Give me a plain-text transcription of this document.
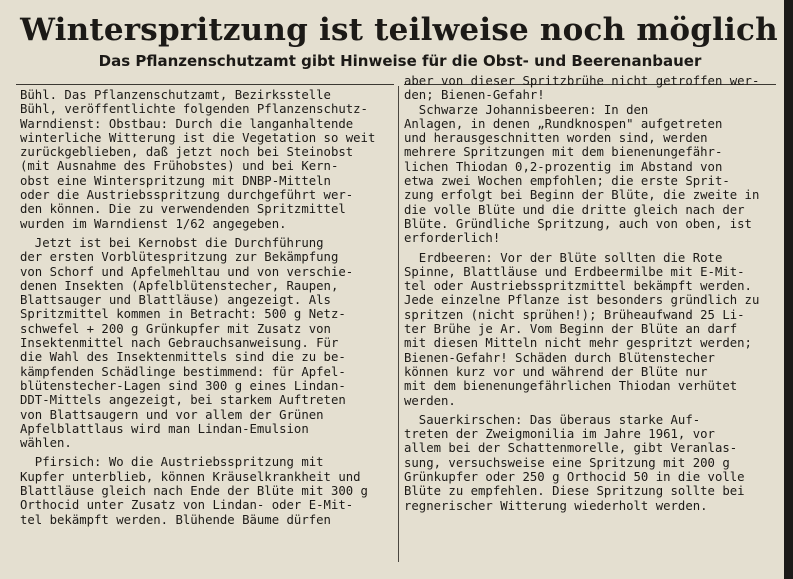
Winterspritzung ist teilweise noch möglich
Das Pflanzenschutzamt gibt Hinweise für die Obst- und Beerenanbauer
Bühl. Das Pflanzenschutzamt, Bezirksstelle
Bühl, veröffentlichte folgenden Pflanzenschutz-
Warndienst: Obstbau: Durch die langanhaltende
winterliche Witterung ist die Vegetation so weit
zurückgeblieben, daß jetzt noch bei Steinobst
(mit Ausnahme des Frühobstes) und bei Kern-
obst eine Winterspritzung mit DNBP-Mitteln
oder die Austriebsspritzung durchgeführt wer-
den können. Die zu verwendenden Spritzmittel
wurden im Warndienst 1/62 angegeben.
Jetzt ist bei Kernobst die Durchführung
der ersten Vorblütespritzung zur Bekämpfung
von Schorf und Apfelmehltau und von verschie-
denen Insekten (Apfelblütenstecher, Raupen,
Blattsauger und Blattläuse) angezeigt. Als
Spritzmittel kommen in Betracht: 500 g Netz-
schwefel + 200 g Grünkupfer mit Zusatz von
Insektenmittel nach Gebrauchsanweisung. Für
die Wahl des Insektenmittels sind die zu be-
kämpfenden Schädlinge bestimmend: für Apfel-
blütenstecher-Lagen sind 300 g eines Lindan-
DDT-Mittels angezeigt, bei starkem Auftreten
von Blattsaugern und vor allem der Grünen
Apfelblattlaus wird man Lindan-Emulsion
wählen.
Pfirsich: Wo die Austriebsspritzung mit
Kupfer unterblieb, können Kräuselkrankheit und
Blattläuse gleich nach Ende der Blüte mit 300 g
Orthocid unter Zusatz von Lindan- oder E-Mit-
tel bekämpft werden. Blühende Bäume dürfen
aber von dieser Spritzbrühe nicht getroffen wer-
den; Bienen-Gefahr!
Schwarze Johannisbeeren: In den
Anlagen, in denen „Rundknospen" aufgetreten
und herausgeschnitten worden sind, werden
mehrere Spritzungen mit dem bienenungefähr-
lichen Thiodan 0,2-prozentig im Abstand von
etwa zwei Wochen empfohlen; die erste Sprit-
zung erfolgt bei Beginn der Blüte, die zweite in
die volle Blüte und die dritte gleich nach der
Blüte. Gründliche Spritzung, auch von oben, ist
erforderlich!
Erdbeeren: Vor der Blüte sollten die Rote
Spinne, Blattläuse und Erdbeermilbe mit E-Mit-
tel oder Austriebsspritzmittel bekämpft werden.
Jede einzelne Pflanze ist besonders gründlich zu
spritzen (nicht sprühen!); Brüheaufwand 25 Li-
ter Brühe je Ar. Vom Beginn der Blüte an darf
mit diesen Mitteln nicht mehr gespritzt werden;
Bienen-Gefahr! Schäden durch Blütenstecher
können kurz vor und während der Blüte nur
mit dem bienenungefährlichen Thiodan verhütet
werden.
Sauerkirschen: Das überaus starke Auf-
treten der Zweigmonilia im Jahre 1961, vor
allem bei der Schattenmorelle, gibt Veranlas-
sung, versuchsweise eine Spritzung mit 200 g
Grünkupfer oder 250 g Orthocid 50 in die volle
Blüte zu empfehlen. Diese Spritzung sollte bei
regnerischer Witterung wiederholt werden.
